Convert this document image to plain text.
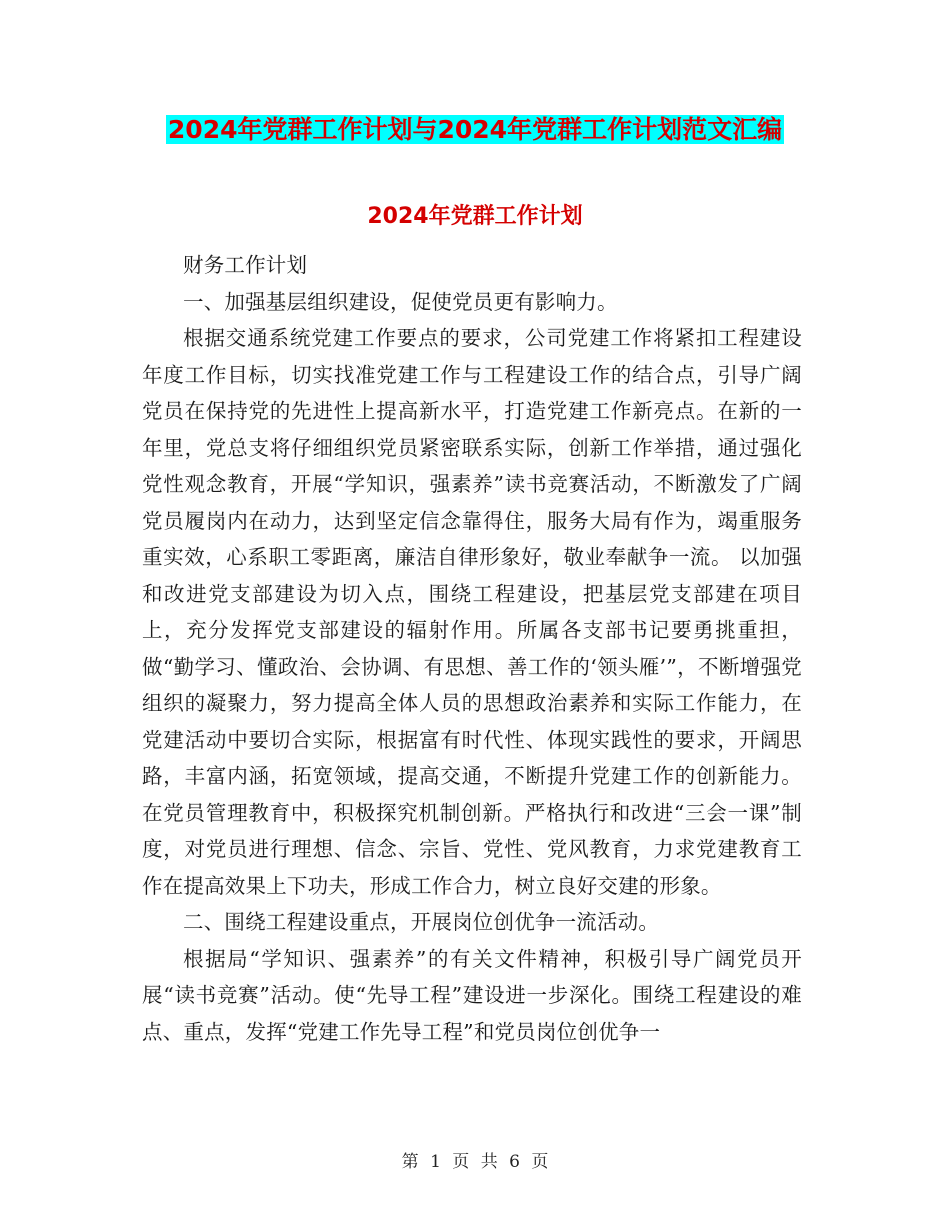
2024年党群工作计划与2024年党群工作计划范文汇编
2024年党群工作计划

财务工作计划

一、加强基层组织建设，促使党员更有影响力。

根据交通系统党建工作要点的要求，公司党建工作将紧扣工程建设年度工作目标，切实找准党建工作与工程建设工作的结合点，引导广阔党员在保持党的先进性上提高新水平，打造党建工作新亮点。在新的一年里，党总支将仔细组织党员紧密联系实际，创新工作举措，通过强化党性观念教育，开展“学知识，强素养”读书竞赛活动，不断激发了广阔党员履岗内在动力，达到坚定信念靠得住，服务大局有作为，竭重服务重实效，心系职工零距离，廉洁自律形象好，敬业奉献争一流。 以加强和改进党支部建设为切入点，围绕工程建设，把基层党支部建在项目上，充分发挥党支部建设的辐射作用。所属各支部书记要勇挑重担，做“勤学习、懂政治、会协调、有思想、善工作的‘领头雁’”，不断增强党组织的凝聚力，努力提高全体人员的思想政治素养和实际工作能力，在党建活动中要切合实际，根据富有时代性、体现实践性的要求，开阔思路，丰富内涵，拓宽领域，提高交通，不断提升党建工作的创新能力。 在党员管理教育中，积极探究机制创新。严格执行和改进“三会一课”制度，对党员进行理想、信念、宗旨、党性、党风教育，力求党建教育工作在提高效果上下功夫，形成工作合力，树立良好交建的形象。

二、围绕工程建设重点，开展岗位创优争一流活动。

根据局“学知识、强素养”的有关文件精神，积极引导广阔党员开展“读书竞赛”活动。使“先导工程”建设进一步深化。围绕工程建设的难点、重点，发挥“党建工作先导工程”和党员岗位创优争一

第 1 页 共 6 页
